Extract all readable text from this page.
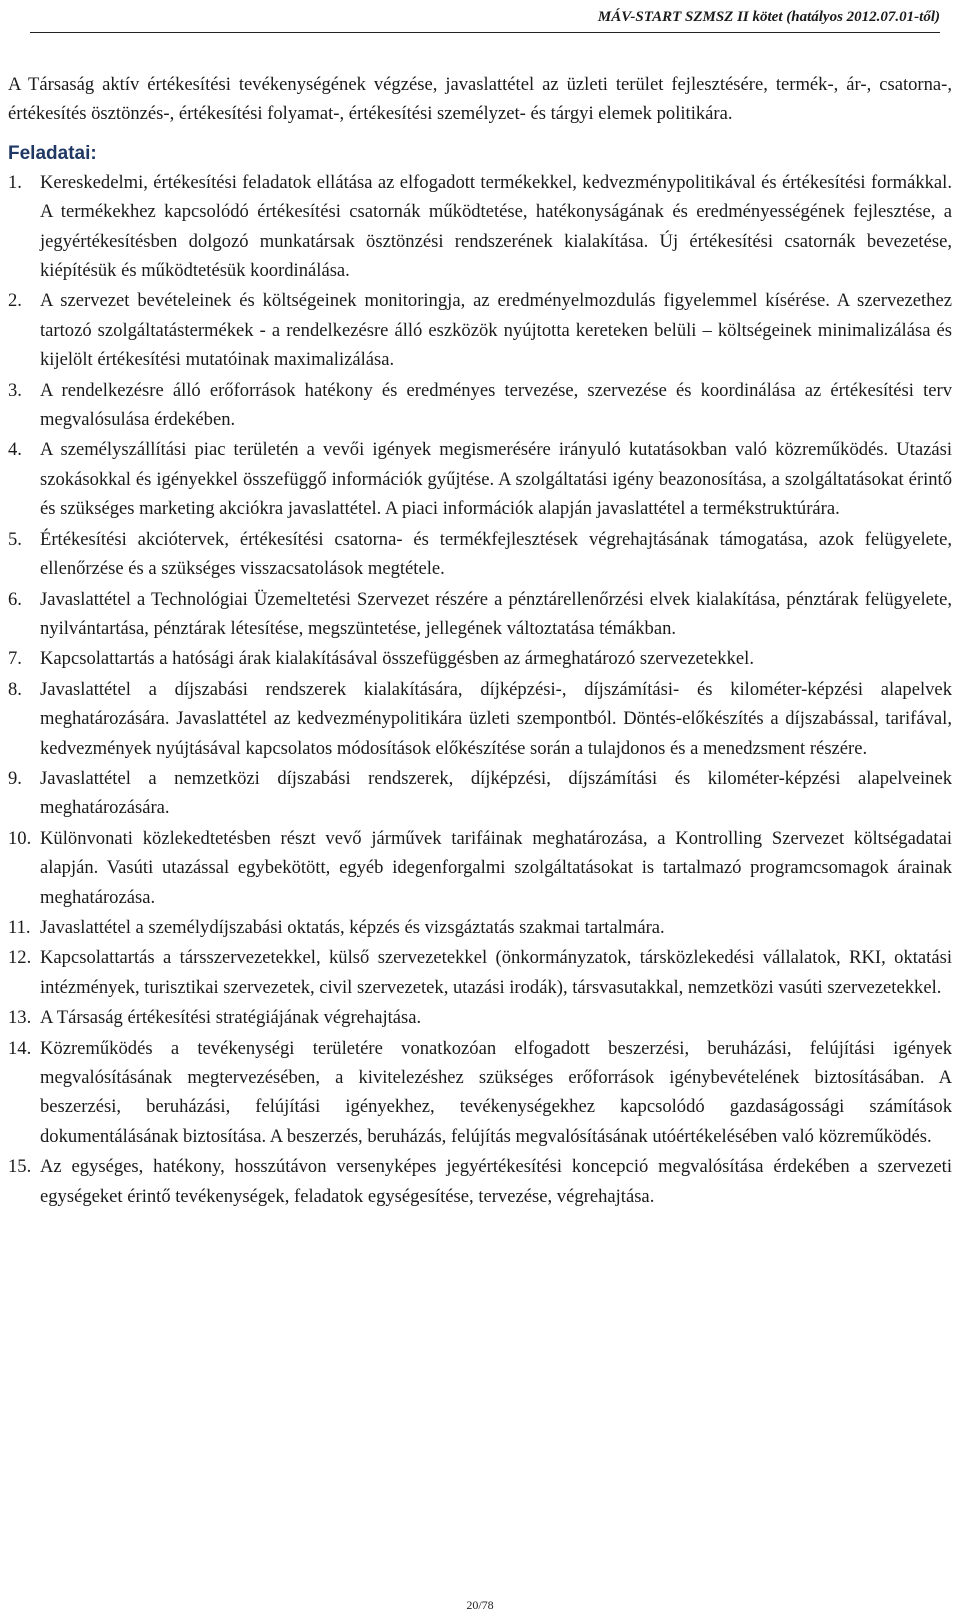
MÁV-START SZMSZ II kötet (hatályos 2012.07.01-től)

A Társaság aktív értékesítési tevékenységének végzése, javaslattétel az üzleti terület fejlesztésére, termék-, ár-, csatorna-, értékesítés ösztönzés-, értékesítési folyamat-, értékesítési személyzet- és tárgyi elemek politikára.

Feladatai:
1. Kereskedelmi, értékesítési feladatok ellátása az elfogadott termékekkel, kedvezménypolitikával és értékesítési formákkal. A termékekhez kapcsolódó értékesítési csatornák működtetése, hatékonyságának és eredményességének fejlesztése, a jegyértékesítésben dolgozó munkatársak ösztönzési rendszerének kialakítása. Új értékesítési csatornák bevezetése, kiépítésük és működtetésük koordinálása.
2. A szervezet bevételeinek és költségeinek monitoringja, az eredményelmozdulás figyelemmel kísérése. A szervezethez tartozó szolgáltatástermékek - a rendelkezésre álló eszközök nyújtotta kereteken belüli – költségeinek minimalizálása és kijelölt értékesítési mutatóinak maximalizálása.
3. A rendelkezésre álló erőforrások hatékony és eredményes tervezése, szervezése és koordinálása az értékesítési terv megvalósulása érdekében.
4. A személyszállítási piac területén a vevői igények megismerésére irányuló kutatásokban való közreműködés. Utazási szokásokkal és igényekkel összefüggő információk gyűjtése. A szolgáltatási igény beazonosítása, a szolgáltatásokat érintő és szükséges marketing akciókra javaslattétel. A piaci információk alapján javaslattétel a termékstruktúrára.
5. Értékesítési akciótervek, értékesítési csatorna- és termékfejlesztések végrehajtásának támogatása, azok felügyelete, ellenőrzése és a szükséges visszacsatolások megtétele.
6. Javaslattétel a Technológiai Üzemeltetési Szervezet részére a pénztárellenőrzési elvek kialakítása, pénztárak felügyelete, nyilvántartása, pénztárak létesítése, megszüntetése, jellegének változtatása témákban.
7. Kapcsolattartás a hatósági árak kialakításával összefüggésben az ármeghatározó szervezetekkel.
8. Javaslattétel a díjszabási rendszerek kialakítására, díjképzési-, díjszámítási- és kilométer-képzési alapelvek meghatározására. Javaslattétel az kedvezménypolitikára üzleti szempontból. Döntés-előkészítés a díjszabással, tarifával, kedvezmények nyújtásával kapcsolatos módosítások előkészítése során a tulajdonos és a menedzsment részére.
9. Javaslattétel a nemzetközi díjszabási rendszerek, díjképzési, díjszámítási és kilométer-képzési alapelveinek meghatározására.
10. Különvonati közlekedtetésben részt vevő járművek tarifáinak meghatározása, a Kontrolling Szervezet költségadatai alapján. Vasúti utazással egybekötött, egyéb idegenforgalmi szolgáltatásokat is tartalmazó programcsomagok árainak meghatározása.
11. Javaslattétel a személydíjszabási oktatás, képzés és vizsgáztatás szakmai tartalmára.
12. Kapcsolattartás a társszervezetekkel, külső szervezetekkel (önkormányzatok, társközlekedési vállalatok, RKI, oktatási intézmények, turisztikai szervezetek, civil szervezetek, utazási irodák), társvasutakkal, nemzetközi vasúti szervezetekkel.
13. A Társaság értékesítési stratégiájának végrehajtása.
14. Közreműködés a tevékenységi területére vonatkozóan elfogadott beszerzési, beruházási, felújítási igények megvalósításának megtervezésében, a kivitelezéshez szükséges erőforrások igénybevételének biztosításában. A beszerzési, beruházási, felújítási igényekhez, tevékenységekhez kapcsolódó gazdaságossági számítások dokumentálásának biztosítása. A beszerzés, beruházás, felújítás megvalósításának utóértékelésében való közreműködés.
15. Az egységes, hatékony, hosszútávon versenyképes jegyértékesítési koncepció megvalósítása érdekében a szervezeti egységeket érintő tevékenységek, feladatok egységesítése, tervezése, végrehajtása.
20/78
